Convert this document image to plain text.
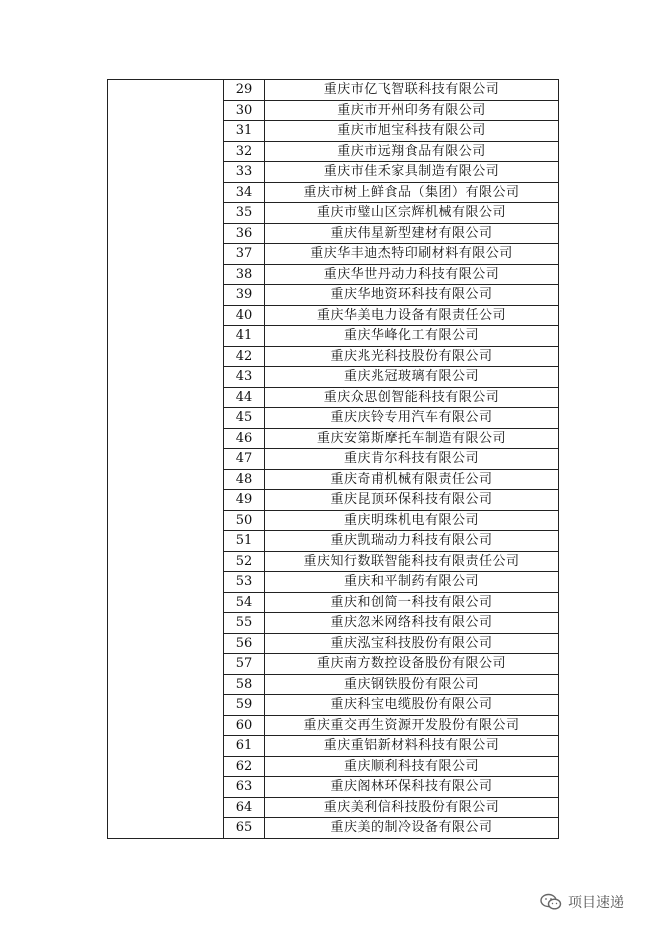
	29	重庆市亿飞智联科技有限公司
	30	重庆市开州印务有限公司
	31	重庆市旭宝科技有限公司
	32	重庆市远翔食品有限公司
	33	重庆市佳禾家具制造有限公司
	34	重庆市树上鲜食品（集团）有限公司
	35	重庆市璧山区宗辉机械有限公司
	36	重庆伟星新型建材有限公司
	37	重庆华丰迪杰特印刷材料有限公司
	38	重庆华世丹动力科技有限公司
	39	重庆华地资环科技有限公司
	40	重庆华美电力设备有限责任公司
	41	重庆华峰化工有限公司
	42	重庆兆光科技股份有限公司
	43	重庆兆冠玻璃有限公司
	44	重庆众思创智能科技有限公司
	45	重庆庆铃专用汽车有限公司
	46	重庆安第斯摩托车制造有限公司
	47	重庆肯尔科技有限公司
	48	重庆奇甫机械有限责任公司
	49	重庆昆顶环保科技有限公司
	50	重庆明珠机电有限公司
	51	重庆凯瑞动力科技有限公司
	52	重庆知行数联智能科技有限责任公司
	53	重庆和平制药有限公司
	54	重庆和创简一科技有限公司
	55	重庆忽米网络科技有限公司
	56	重庆泓宝科技股份有限公司
	57	重庆南方数控设备股份有限公司
	58	重庆钢铁股份有限公司
	59	重庆科宝电缆股份有限公司
	60	重庆重交再生资源开发股份有限公司
	61	重庆重铝新材料科技有限公司
	62	重庆顺利科技有限公司
	63	重庆阁林环保科技有限公司
	64	重庆美利信科技股份有限公司
	65	重庆美的制冷设备有限公司
项目速递
